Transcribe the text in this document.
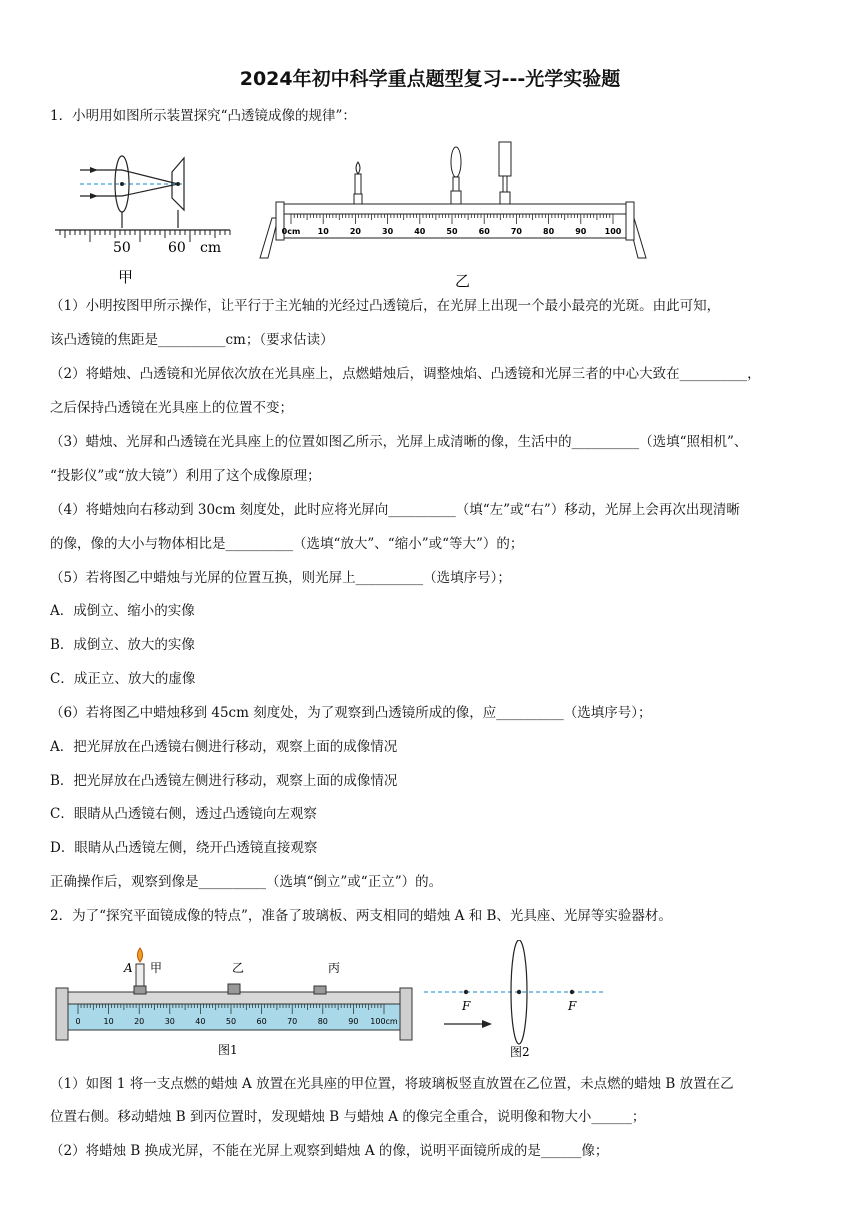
2024年初中科学重点题型复习---光学实验题
1．小明用如图所示装置探究“凸透镜成像的规律”：
50	60 cm
甲
0cm 10	20	30	40	50	60	70	80	90 100
乙
（1）小明按图甲所示操作，让平行于主光轴的光经过凸透镜后，在光屏上出现一个最小最亮的光斑。由此可知，
该凸透镜的焦距是__________cm；（要求估读）
（2）将蜡烛、凸透镜和光屏依次放在光具座上，点燃蜡烛后，调整烛焰、凸透镜和光屏三者的中心大致在__________，
之后保持凸透镜在光具座上的位置不变；
（3）蜡烛、光屏和凸透镜在光具座上的位置如图乙所示，光屏上成清晰的像，生活中的__________（选填“照相机”、
“投影仪”或“放大镜”）利用了这个成像原理；
（4）将蜡烛向右移动到 30cm 刻度处，此时应将光屏向__________（填“左”或“右”）移动，光屏上会再次出现清晰
的像，像的大小与物体相比是__________（选填“放大”、“缩小”或“等大”）的；
（5）若将图乙中蜡烛与光屏的位置互换，则光屏上__________（选填序号）；
A．成倒立、缩小的实像
B．成倒立、放大的实像
C．成正立、放大的虚像
（6）若将图乙中蜡烛移到 45cm 刻度处，为了观察到凸透镜所成的像，应__________（选填序号）；
A．把光屏放在凸透镜右侧进行移动，观察上面的成像情况
B．把光屏放在凸透镜左侧进行移动，观察上面的成像情况
C．眼睛从凸透镜右侧，透过凸透镜向左观察
D．眼睛从凸透镜左侧，绕开凸透镜直接观察
正确操作后，观察到像是__________（选填“倒立”或“正立”）的。
2．为了“探究平面镜成像的特点”，准备了玻璃板、两支相同的蜡烛 A 和 B、光具座、光屏等实验器材。
0	10	20	30	40	50	60	70	80	90 100cm
A 甲	乙	丙
图1
F	F
图2
（1）如图 1 将一支点燃的蜡烛 A 放置在光具座的甲位置，将玻璃板竖直放置在乙位置，未点燃的蜡烛 B 放置在乙
位置右侧。移动蜡烛 B 到丙位置时，发现蜡烛 B 与蜡烛 A 的像完全重合，说明像和物大小______；
（2）将蜡烛 B 换成光屏，不能在光屏上观察到蜡烛 A 的像，说明平面镜所成的是______像；
